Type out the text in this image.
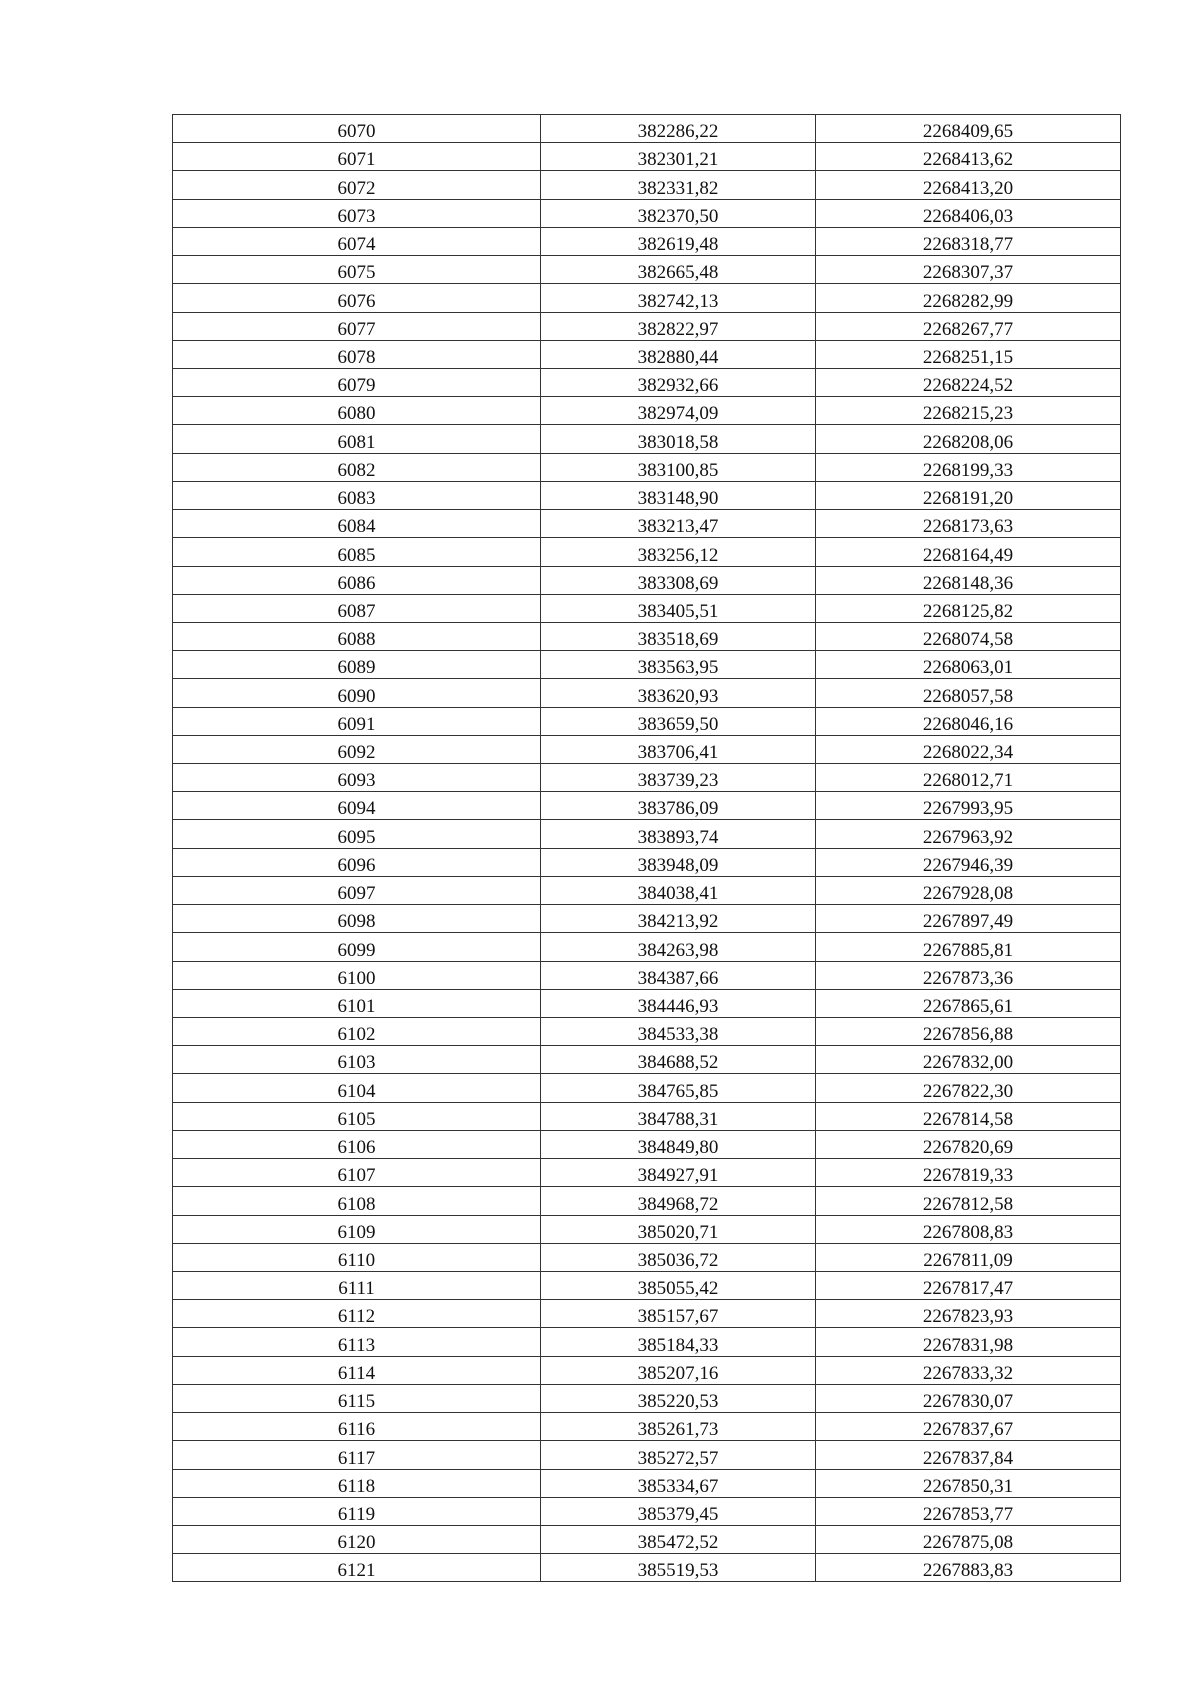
6070	382286,22	2268409,65
6071	382301,21	2268413,62
6072	382331,82	2268413,20
6073	382370,50	2268406,03
6074	382619,48	2268318,77
6075	382665,48	2268307,37
6076	382742,13	2268282,99
6077	382822,97	2268267,77
6078	382880,44	2268251,15
6079	382932,66	2268224,52
6080	382974,09	2268215,23
6081	383018,58	2268208,06
6082	383100,85	2268199,33
6083	383148,90	2268191,20
6084	383213,47	2268173,63
6085	383256,12	2268164,49
6086	383308,69	2268148,36
6087	383405,51	2268125,82
6088	383518,69	2268074,58
6089	383563,95	2268063,01
6090	383620,93	2268057,58
6091	383659,50	2268046,16
6092	383706,41	2268022,34
6093	383739,23	2268012,71
6094	383786,09	2267993,95
6095	383893,74	2267963,92
6096	383948,09	2267946,39
6097	384038,41	2267928,08
6098	384213,92	2267897,49
6099	384263,98	2267885,81
6100	384387,66	2267873,36
6101	384446,93	2267865,61
6102	384533,38	2267856,88
6103	384688,52	2267832,00
6104	384765,85	2267822,30
6105	384788,31	2267814,58
6106	384849,80	2267820,69
6107	384927,91	2267819,33
6108	384968,72	2267812,58
6109	385020,71	2267808,83
6110	385036,72	2267811,09
6111	385055,42	2267817,47
6112	385157,67	2267823,93
6113	385184,33	2267831,98
6114	385207,16	2267833,32
6115	385220,53	2267830,07
6116	385261,73	2267837,67
6117	385272,57	2267837,84
6118	385334,67	2267850,31
6119	385379,45	2267853,77
6120	385472,52	2267875,08
6121	385519,53	2267883,83
